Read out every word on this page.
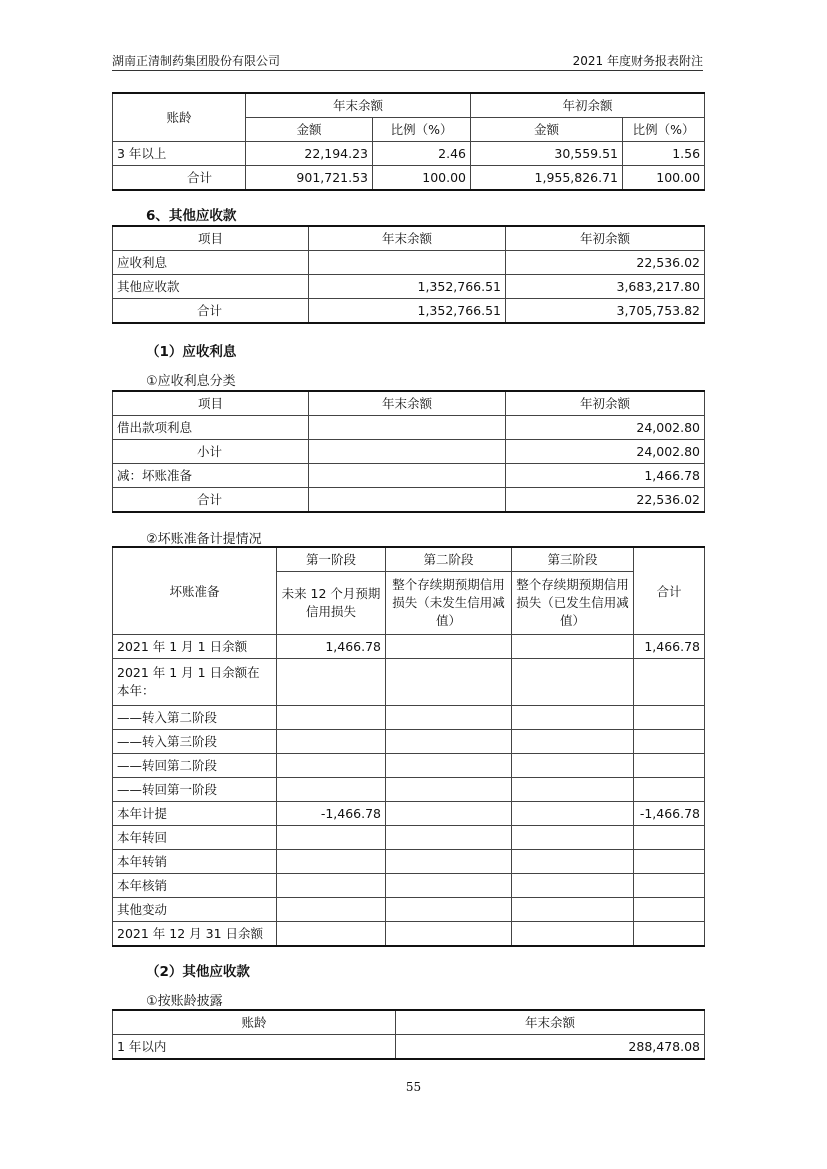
湖南正清制药集团股份有限公司	2021 年度财务报表附注
账龄	年末余额		年初余额	
	金额	比例（%）	金额	比例（%）
3 年以上	22,194.23	2.46	30,559.51	1.56
合计	901,721.53	100.00	1,955,826.71	100.00
6、其他应收款
项目	年末余额	年初余额
应收利息		22,536.02
其他应收款	1,352,766.51	3,683,217.80
合计	1,352,766.51	3,705,753.82
（1）应收利息
①应收利息分类
项目	年末余额	年初余额
借出款项利息		24,002.80
小计		24,002.80
减：坏账准备		1,466.78
合计		22,536.02
②坏账准备计提情况
坏账准备	第一阶段	第二阶段	第三阶段	合计
	未来 12 个月预期信用损失	整个存续期预期信用损失（未发生信用减值）	整个存续期预期信用损失（已发生信用减值）	
2021 年 1 月 1 日余额	1,466.78			1,466.78
2021 年 1 月 1 日余额在本年：				
——转入第二阶段				
——转入第三阶段				
——转回第二阶段				
——转回第一阶段				
本年计提	-1,466.78			-1,466.78
本年转回				
本年转销				
本年核销				
其他变动				
2021 年 12 月 31 日余额				
（2）其他应收款
①按账龄披露
账龄	年末余额
1 年以内	288,478.08
55
